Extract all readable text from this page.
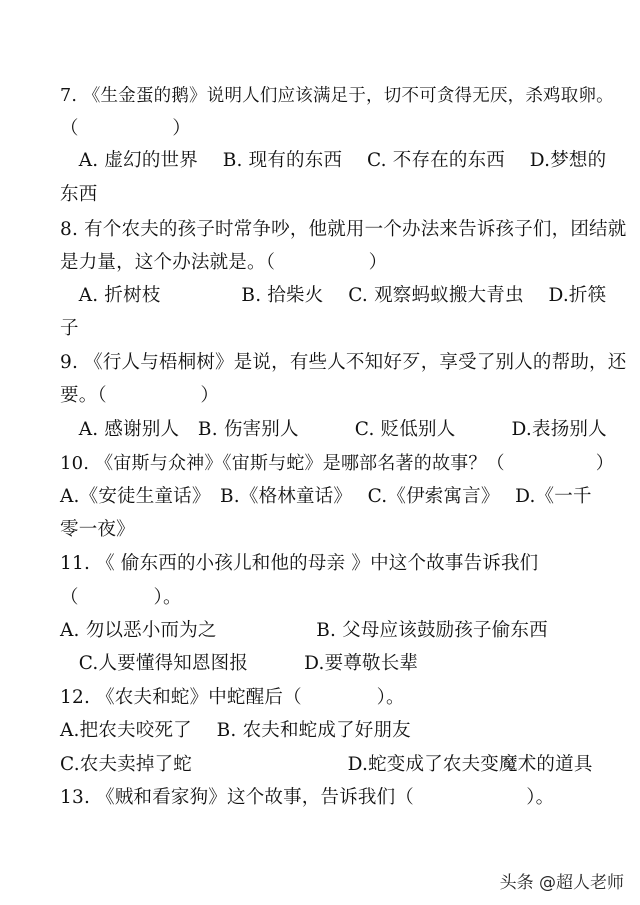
7. 《生金蛋的鹅》说明人们应该满足于，切不可贪得无厌，杀鸡取卵。
（　　　　　）
　A. 虚幻的世界　 B. 现有的东西　 C. 不存在的东西　 D.梦想的
东西
8. 有个农夫的孩子时常争吵，他就用一个办法来告诉孩子们，团结就
是力量，这个办法就是。（　　　　　）
　A. 折树枝　　　　 B. 拾柴火　 C. 观察蚂蚁搬大青虫　 D.折筷
子
9. 《行人与梧桐树》是说，有些人不知好歹，享受了别人的帮助，还
要。（　　　　　）
　A. 感谢别人　B. 伤害别人　　　C. 贬低别人　　　D.表扬别人
10. 《宙斯与众神》《宙斯与蛇》是哪部名著的故事？（　　　　　）
A.《安徒生童话》　B.《格林童话》　 C.《伊索寓言》　 D.《一千
零一夜》
11. 《 偷东西的小孩儿和他的母亲 》中这个故事告诉我们
（　　　　）。
A. 勿以恶小而为之　　　　　 B. 父母应该鼓励孩子偷东西
　C.人要懂得知恩图报　　　D.要尊敬长辈
12. 《农夫和蛇》中蛇醒后（　　　　）。
A.把农夫咬死了　 B. 农夫和蛇成了好朋友
C.农夫卖掉了蛇　　　　　　　　 D.蛇变成了农夫变魔术的道具
13. 《贼和看家狗》这个故事，告诉我们（　　　　　　）。
头条 @超人老师
